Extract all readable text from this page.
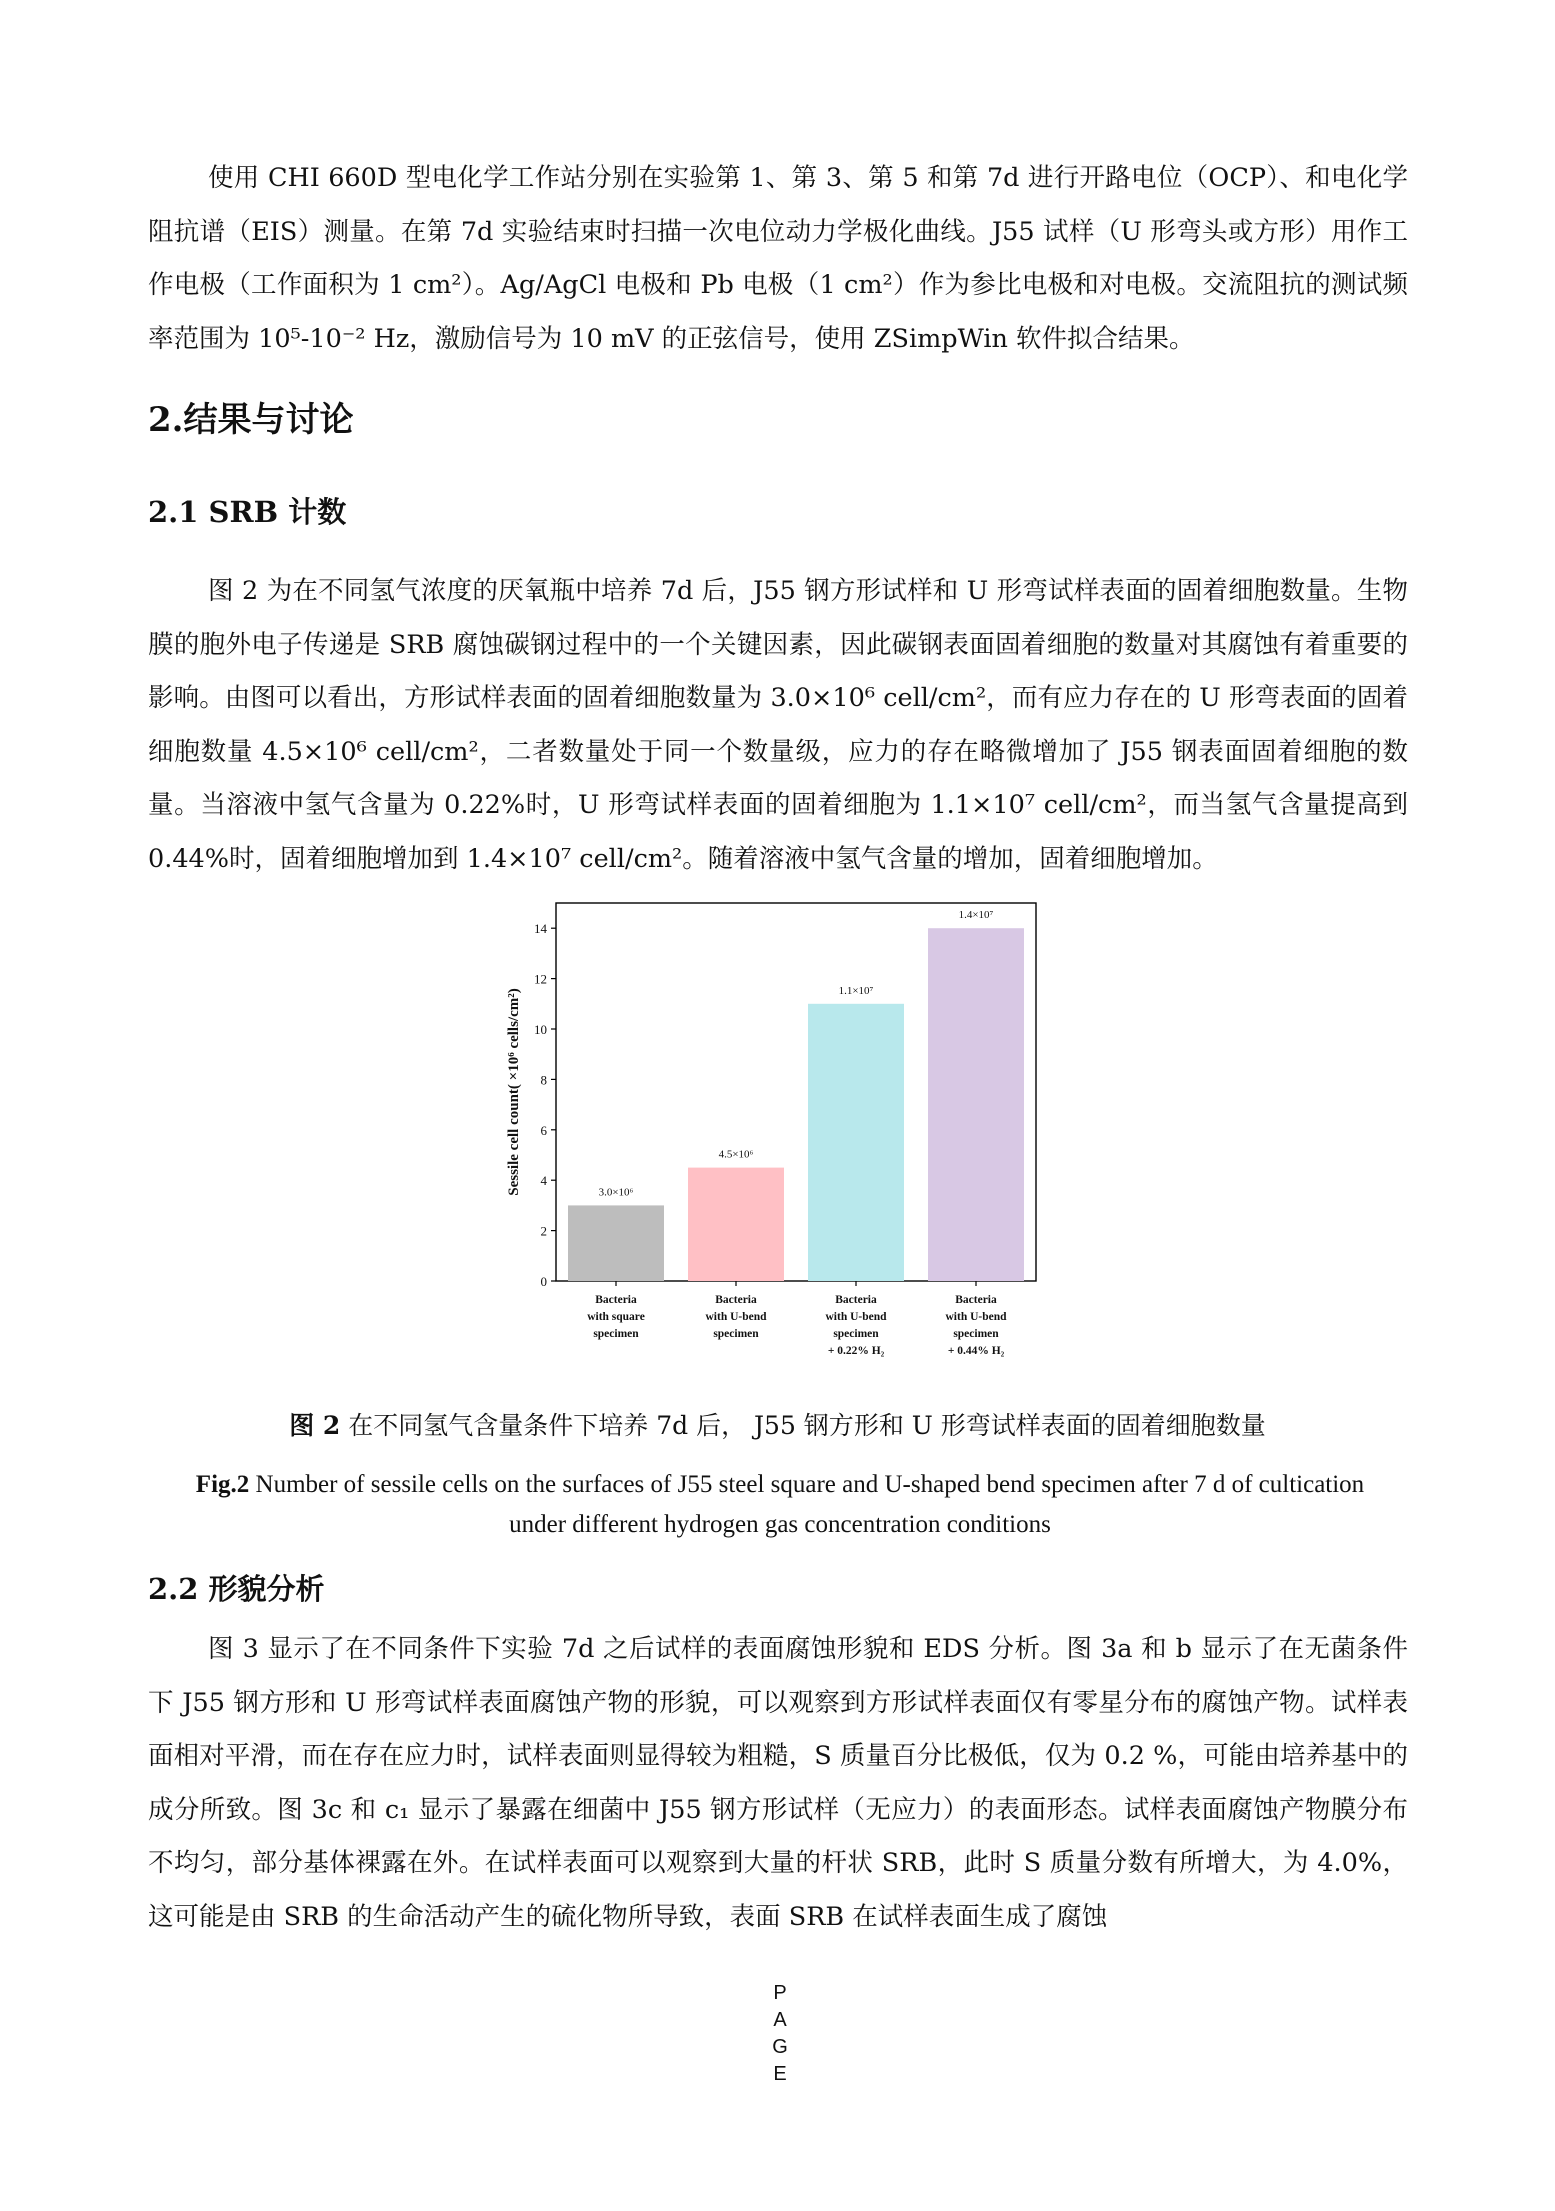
使用 CHI 660D 型电化学工作站分别在实验第 1、第 3、第 5 和第 7d 进行开路电位（OCP）、和电化学阻抗谱（EIS）测量。在第 7d 实验结束时扫描一次电位动力学极化曲线。J55 试样（U 形弯头或方形）用作工作电极（工作面积为 1 cm²）。Ag/AgCl 电极和 Pb 电极（1 cm²）作为参比电极和对电极。交流阻抗的测试频率范围为 10⁵-10⁻² Hz，激励信号为 10 mV 的正弦信号，使用 ZSimpWin 软件拟合结果。

2.结果与讨论
2.1 SRB 计数

图 2 为在不同氢气浓度的厌氧瓶中培养 7d 后，J55 钢方形试样和 U 形弯试样表面的固着细胞数量。生物膜的胞外电子传递是 SRB 腐蚀碳钢过程中的一个关键因素，因此碳钢表面固着细胞的数量对其腐蚀有着重要的影响。由图可以看出，方形试样表面的固着细胞数量为 3.0×10⁶ cell/cm²，而有应力存在的 U 形弯表面的固着细胞数量 4.5×10⁶ cell/cm²，二者数量处于同一个数量级，应力的存在略微增加了 J55 钢表面固着细胞的数量。当溶液中氢气含量为 0.22%时，U 形弯试样表面的固着细胞为 1.1×10⁷ cell/cm²，而当氢气含量提高到 0.44%时，固着细胞增加到 1.4×10⁷ cell/cm²。随着溶液中氢气含量的增加，固着细胞增加。

0
2
4
6
8
10
12
14
3.0×10⁶
4.5×10⁶
1.1×10⁷
1.4×10⁷
Bacteria
with square
specimen
Bacteria
with U-bend
specimen
Bacteria
with U-bend
specimen
+ 0.22% H₂
Bacteria
with U-bend
specimen
+ 0.44% H₂
Sessile cell count( ×10⁶ cells/cm²)

图 2 在不同氢气含量条件下培养 7d 后， J55 钢方形和 U 形弯试样表面的固着细胞数量

Fig.2 Number of sessile cells on the surfaces of J55 steel square and U-shaped bend specimen after 7 d of cultication under different hydrogen gas concentration conditions

2.2 形貌分析

图 3 显示了在不同条件下实验 7d 之后试样的表面腐蚀形貌和 EDS 分析。图 3a 和 b 显示了在无菌条件下 J55 钢方形和 U 形弯试样表面腐蚀产物的形貌，可以观察到方形试样表面仅有零星分布的腐蚀产物。试样表面相对平滑，而在存在应力时，试样表面则显得较为粗糙，S 质量百分比极低，仅为 0.2 %，可能由培养基中的成分所致。图 3c 和 c₁ 显示了暴露在细菌中 J55 钢方形试样（无应力）的表面形态。试样表面腐蚀产物膜分布不均匀，部分基体裸露在外。在试样表面可以观察到大量的杆状 SRB，此时 S 质量分数有所增大，为 4.0%，这可能是由 SRB 的生命活动产生的硫化物所导致，表面 SRB 在试样表面生成了腐蚀

P
A
G
E
